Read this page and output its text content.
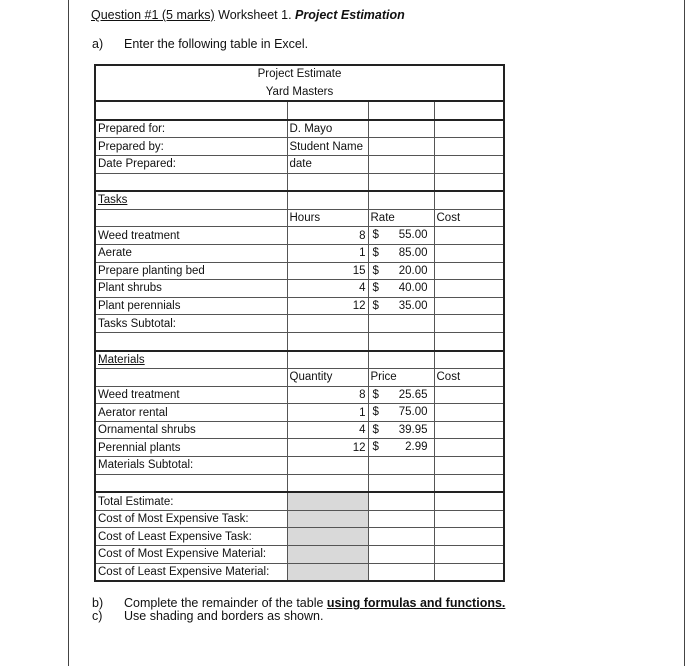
Question #1 (5 marks) Worksheet 1. Project Estimation
a) Enter the following table in Excel.
Project Estimate			
Yard Masters			

Prepared for:	D. Mayo		
Prepared by:	Student Name		
Date Prepared:	date		

Tasks			
	Hours	Rate	Cost
Weed treatment	8	$ 55.00	

Aerate	1	$ 85.00	

Prepare planting bed	15	$ 20.00	

Plant shrubs	4	$ 40.00	

Plant perennials	12	$ 35.00	

Tasks Subtotal:			

Materials			
	Quantity	Price	Cost
Weed treatment	8	$ 25.65	

Aerator rental	1	$ 75.00	

Ornamental shrubs	4	$ 39.95	

Perennial plants	12	$ 2.99	

Materials Subtotal:			

Total Estimate:			
Cost of Most Expensive Task:			
Cost of Least Expensive Task:			
Cost of Most Expensive Material:			
Cost of Least Expensive Material:			
b) Complete the remainder of the table using formulas and functions.
c) Use shading and borders as shown.
